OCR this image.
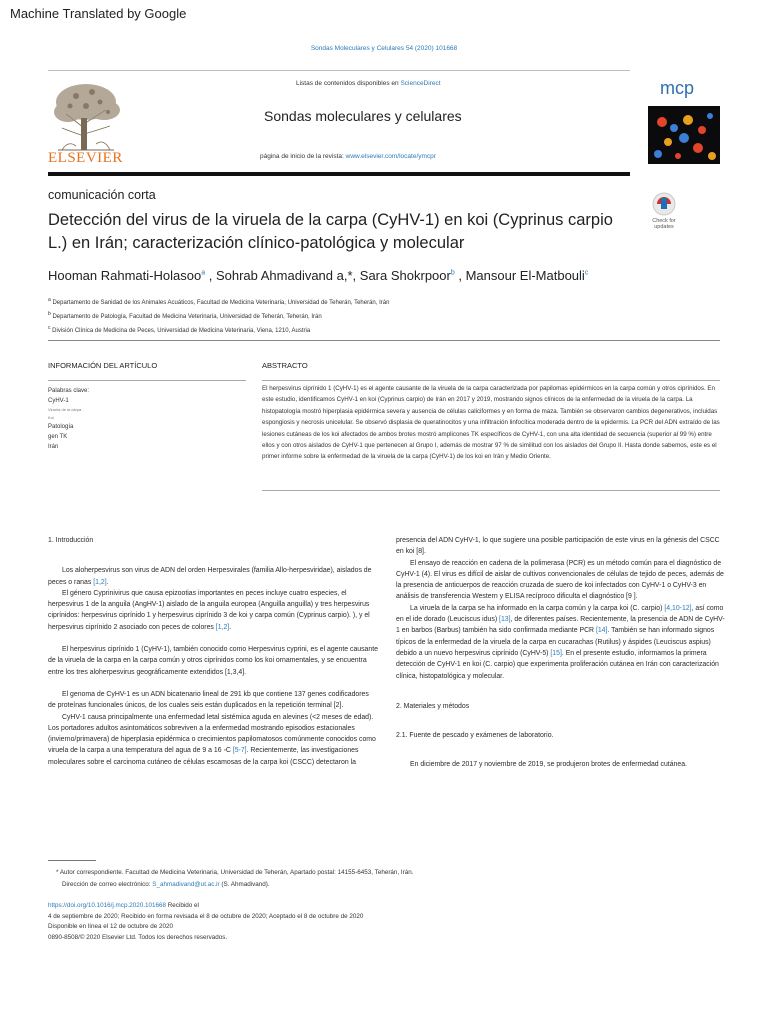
Machine Translated by Google
Sondas Moleculares y Celulares 54 (2020) 101668
ELSEVIER
Listas de contenidos disponibles en ScienceDirect
Sondas moleculares y celulares
página de inicio de la revista: www.elsevier.com/locate/ymcpr
mcp
comunicación corta
Detección del virus de la viruela de la carpa (CyHV-1) en koi (Cyprinus carpio L.) en Irán; caracterización clínico-patológica y molecular
Check for
updates
Hooman Rahmati-Holasoo$^a$ , Sohrab Ahmadivand a,*, Sara Shokrpoor$^b$ , Mansour El-Matbouli$^c$
$^a$ Departamento de Sanidad de los Animales Acuáticos, Facultad de Medicina Veterinaria, Universidad de Teherán, Teherán, Irán
$^b$ Departamento de Patología, Facultad de Medicina Veterinaria, Universidad de Teherán, Teherán, Irán
$^c$ División Clínica de Medicina de Peces, Universidad de Medicina Veterinaria, Viena, 1210, Austria
INFORMACIÓN DEL ARTÍCULO	ABSTRACTO
Palabras clave:
CyHV-1
Viruela de la carpa
Koi
Patología
gen TK
Irán
El herpesvirus ciprínido 1 (CyHV-1) es el agente causante de la viruela de la carpa caracterizada por papilomas epidérmicos en la carpa común y otros ciprínidos. En este estudio, identificamos CyHV-1 en koi (Cyprinus carpio) de Irán en 2017 y 2019, mostrando signos clínicos de la enfermedad de la viruela de la carpa. La histopatología mostró hiperplasia epidérmica severa y ausencia de células caliciformes y en forma de maza. También se observaron cambios degenerativos, incluidas espongiosis y necrosis unicelular. Se observó displasia de queratinocitos y una infiltración linfocítica moderada dentro de la epidermis. La PCR del ADN extraído de las lesiones cutáneas de los koi afectados de ambos brotes mostró amplicones TK específicos de CyHV-1, con una alta identidad de secuencia (superior al 99 %) entre ellos y con otros aislados de CyHV-1 que pertenecen al Grupo I, además de mostrar 97 % de similitud con los aislados del Grupo II. Hasta donde sabemos, este es el primer informe sobre la enfermedad de la viruela de la carpa (CyHV-1) de los koi en Irán y Medio Oriente.

1. Introducción

Los aloherpesvirus son virus de ADN del orden Herpesvirales (familia Allo-herpesviridae), aislados de peces o ranas [1,2].

El género Cyprinivirus que causa epizootias importantes en peces incluye cuatro especies, el herpesvirus 1 de la anguila (AngHV-1) aislado de la anguila europea (Anguilla anguilla) y tres herpesvirus ciprínidos: herpesvirus ciprínido 1 y herpesvirus ciprínido 3 de koi y carpa común (Cyprinus carpio). ), y el herpesvirus ciprínido 2 asociado con peces de colores [1,2].

El herpesvirus ciprínido 1 (CyHV-1), también conocido como Herpesvirus cyprini, es el agente causante de la viruela de la carpa en la carpa común y otros ciprínidos como los koi ornamentales, y se encuentra entre los tres aloherpesvirus geográficamente extendidos [1,3,4].

El genoma de CyHV-1 es un ADN bicatenario lineal de 291 kb que contiene 137 genes codificadores de proteínas funcionales únicos, de los cuales seis están duplicados en la repetición terminal [2].

CyHV-1 causa principalmente una enfermedad letal sistémica aguda en alevines (<2 meses de edad). Los portadores adultos asintomáticos sobreviven a la enfermedad mostrando episodios estacionales (invierno/primavera) de hiperplasia epidérmica o crecimientos papilomatosos comúnmente conocidos como viruela de la carpa a una temperatura del agua de 9 a 16 ◦C [5-7]. Recientemente, las investigaciones moleculares sobre el carcinoma cutáneo de células escamosas de la carpa koi (CSCC) detectaron la

presencia del ADN CyHV-1, lo que sugiere una posible participación de este virus en la génesis del CSCC en koi [8].

El ensayo de reacción en cadena de la polimerasa (PCR) es un método común para el diagnóstico de CyHV-1 (4). El virus es difícil de aislar de cultivos convencionales de células de tejido de peces, además de la presencia de anticuerpos de reacción cruzada de suero de koi infectados con CyHV-1 o CyHV-3 en análisis de transferencia Western y ELISA recíproco dificulta el diagnóstico [9 ].

La viruela de la carpa se ha informado en la carpa común y la carpa koi (C. carpio) [4,10-12], así como en el ide dorado (Leuciscus idus) [13], de diferentes países. Recientemente, la presencia de ADN de CyHV-1 en barbos (Barbus) también ha sido confirmada mediante PCR [14]. También se han informado signos típicos de la enfermedad de la viruela de la carpa en cucarachas (Rutilus) y áspides (Leuciscus aspius) debido a un nuevo herpesvirus ciprínido (CyHV-5) [15]. En el presente estudio, informamos la primera detección de CyHV-1 en koi (C. carpio) que experimenta proliferación cutánea en Irán con caracterización clínica, histopatológica y molecular.

2. Materiales y métodos

2.1. Fuente de pescado y exámenes de laboratorio.

En diciembre de 2017 y noviembre de 2019, se produjeron brotes de enfermedad cutánea.

* Autor correspondiente. Facultad de Medicina Veterinaria, Universidad de Teherán, Apartado postal: 14155-6453, Teherán, Irán.
Dirección de correo electrónico: S_ahmadivand@ut.ac.ir (S. Ahmadivand).
https://doi.org/10.1016/j.mcp.2020.101668 Recibido el
4 de septiembre de 2020; Recibido en forma revisada el 8 de octubre de 2020; Aceptado el 8 de octubre de 2020
Disponible en línea el 12 de octubre de 2020
0890-8508/© 2020 Elsevier Ltd. Todos los derechos reservados.
